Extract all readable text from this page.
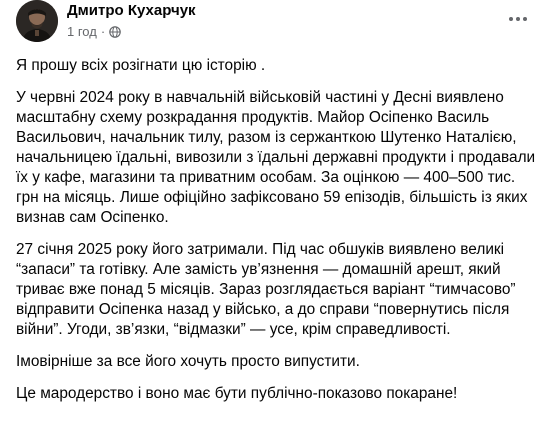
Дмитро Кухарчук
1 год ·

Я прошу всіх розігнати цю історію .

У червні 2024 року в навчальній військовій частині у Десні виявлено масштабну схему розкрадання продуктів. Майор Осіпенко Василь Васильович, начальник тилу, разом із сержанткою Шутенко Наталією, начальницею їдальні, вивозили з їдальні державні продукти і продавали їх у кафе, магазини та приватним особам. За оцінкою — 400–500 тис. грн на місяць. Лише офіційно зафіксовано 59 епізодів, більшість із яких визнав сам Осіпенко.

27 січня 2025 року його затримали. Під час обшуків виявлено великі “запаси” та готівку. Але замість ув’язнення — домашній арешт, який триває вже понад 5 місяців. Зараз розглядається варіант “тимчасово” відправити Осіпенка назад у військо, а до справи “повернутись після війни”. Угоди, зв’язки, “відмазки” — усе, крім справедливості.

Імовірніше за все його хочуть просто випустити.

Це мародерство і воно має бути публічно-показово покаране!
